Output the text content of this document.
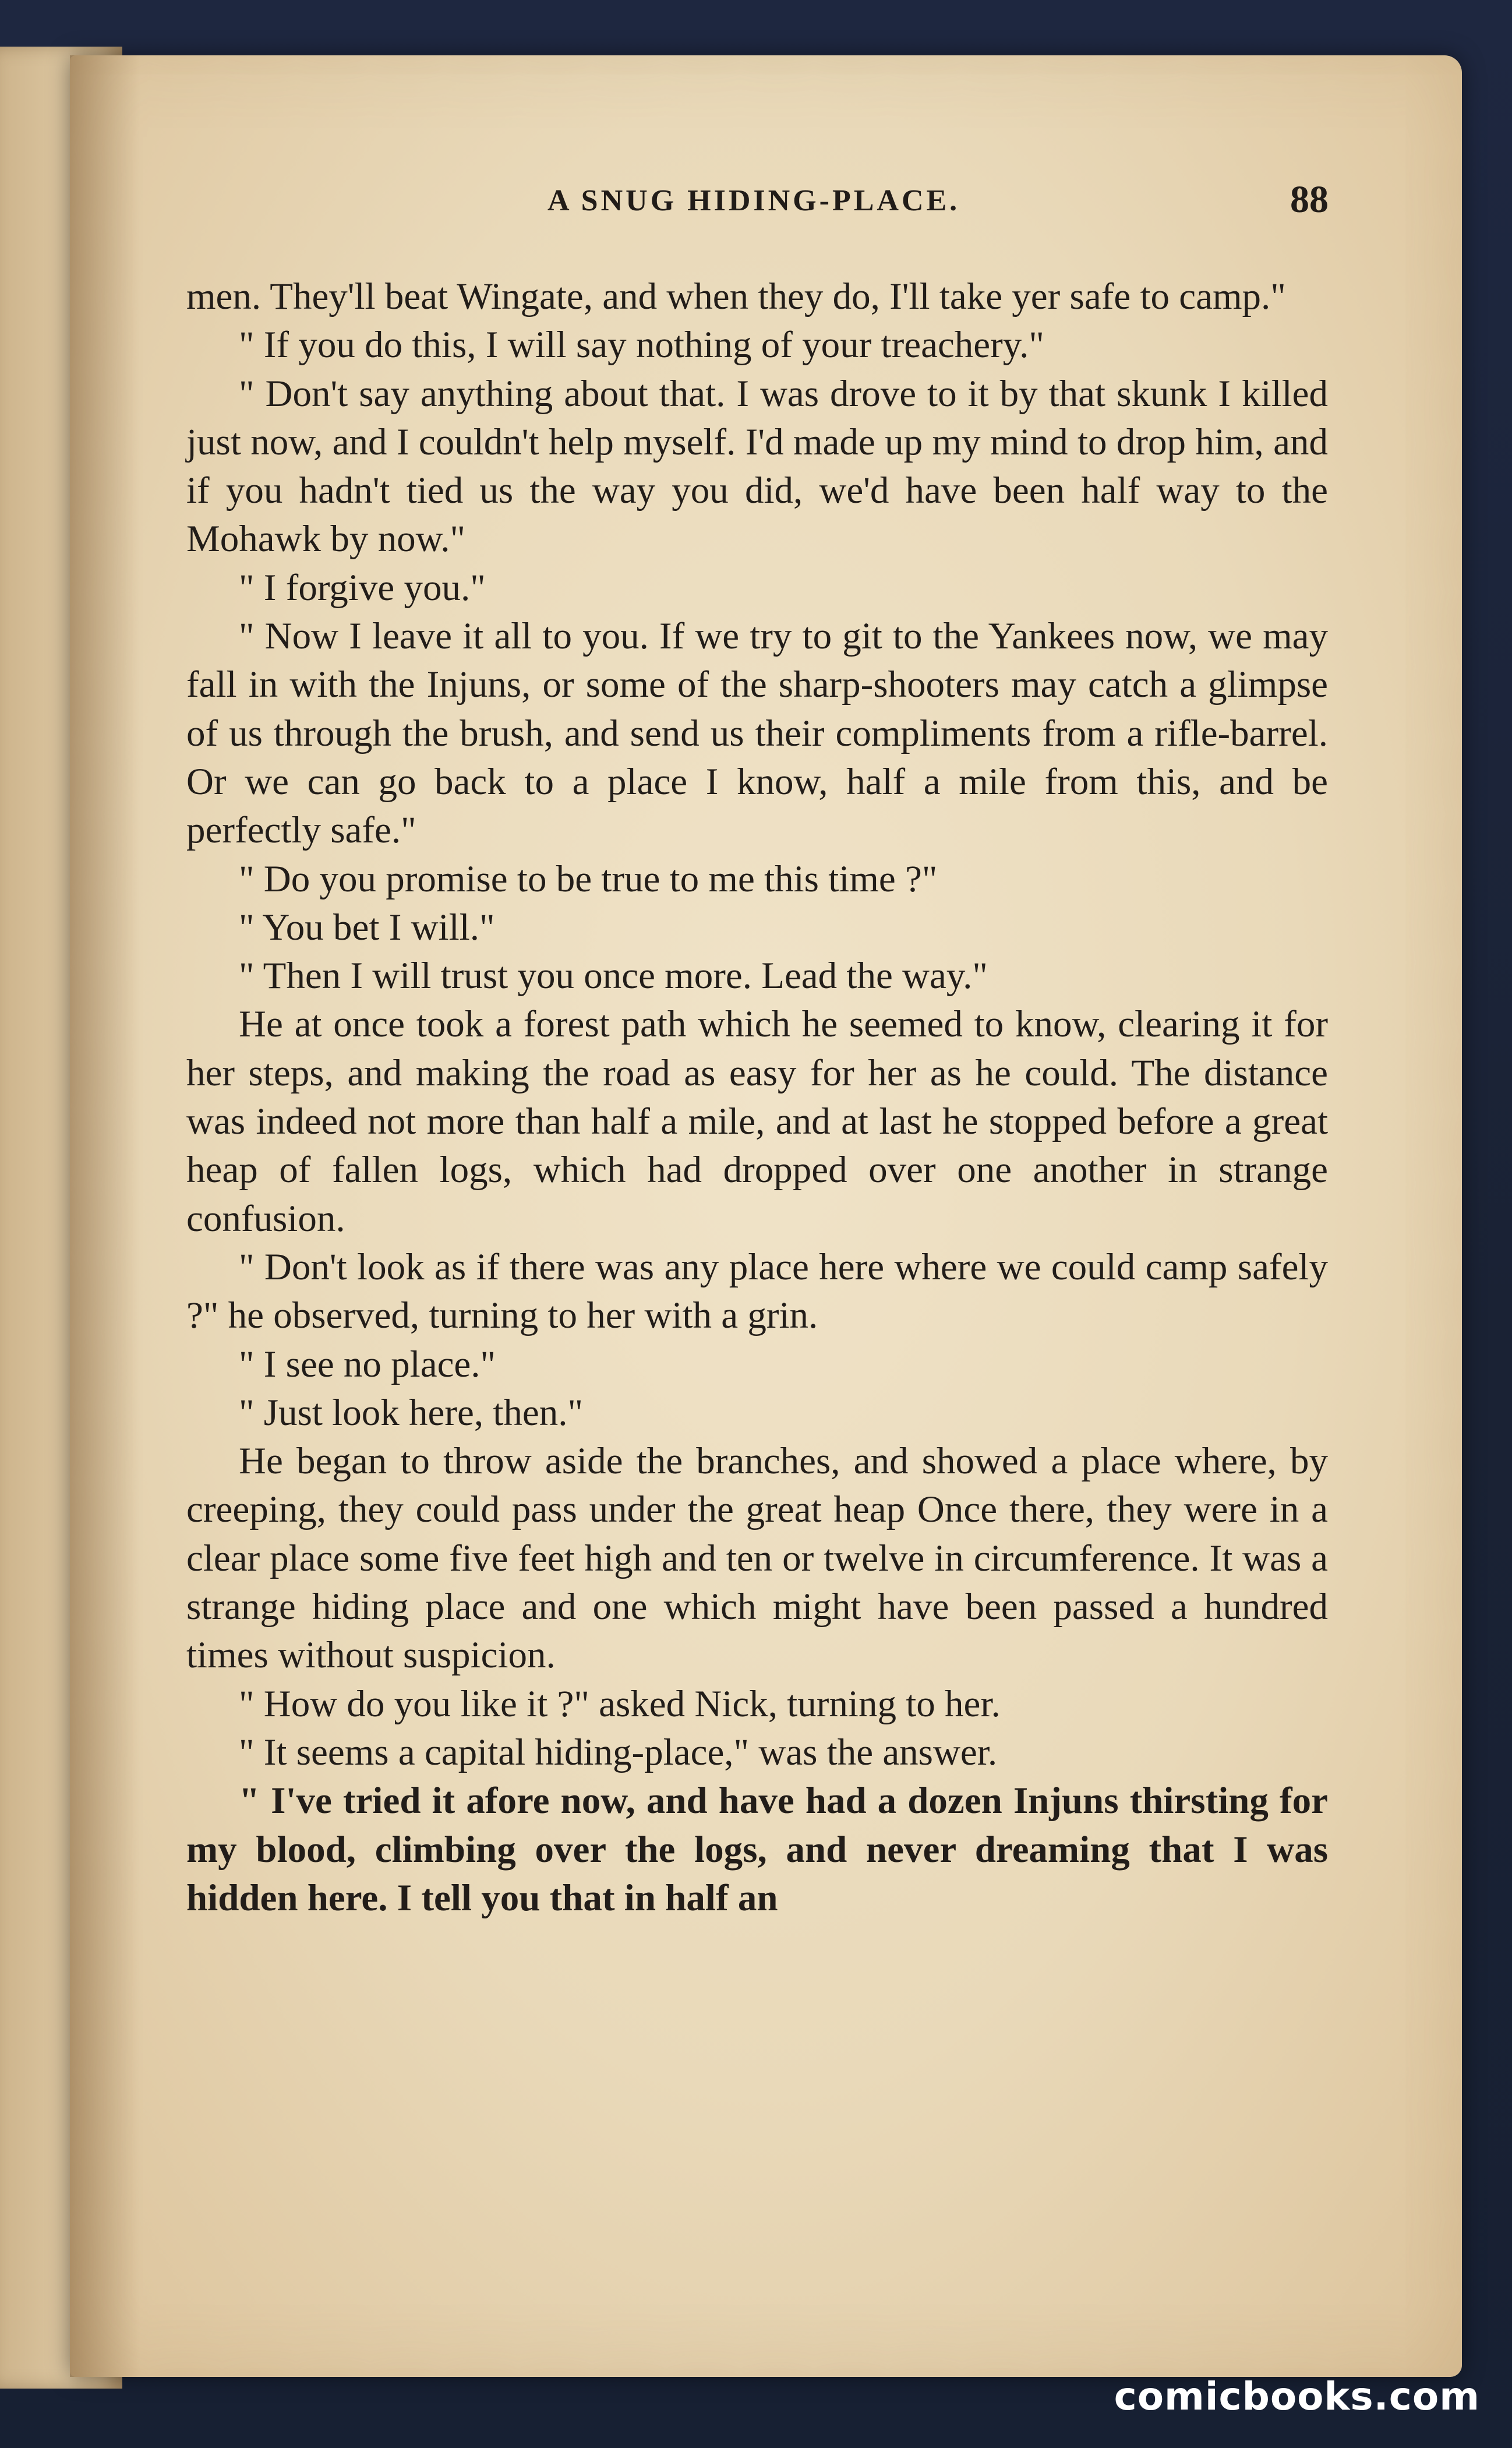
A SNUG HIDING-PLACE.	88

men. They'll beat Wingate, and when they do, I'll take yer safe to camp."

" If you do this, I will say nothing of your treachery."

" Don't say anything about that. I was drove to it by that skunk I killed just now, and I couldn't help myself. I'd made up my mind to drop him, and if you hadn't tied us the way you did, we'd have been half way to the Mohawk by now."

" I forgive you."

" Now I leave it all to you. If we try to git to the Yankees now, we may fall in with the Injuns, or some of the sharp-shooters may catch a glimpse of us through the brush, and send us their compliments from a rifle-barrel. Or we can go back to a place I know, half a mile from this, and be perfectly safe."

" Do you promise to be true to me this time ?"

" You bet I will."

" Then I will trust you once more. Lead the way."

He at once took a forest path which he seemed to know, clearing it for her steps, and making the road as easy for her as he could. The distance was indeed not more than half a mile, and at last he stopped before a great heap of fallen logs, which had dropped over one another in strange confusion.

" Don't look as if there was any place here where we could camp safely ?" he observed, turning to her with a grin.

" I see no place."

" Just look here, then."

He began to throw aside the branches, and showed a place where, by creeping, they could pass under the great heap Once there, they were in a clear place some five feet high and ten or twelve in circumference. It was a strange hiding place and one which might have been passed a hundred times without suspicion.

" How do you like it ?" asked Nick, turning to her.

" It seems a capital hiding-place," was the answer.

" I've tried it afore now, and have had a dozen Injuns thirsting for my blood, climbing over the logs, and never dreaming that I was hidden here. I tell you that in half an

comicbooks.com
